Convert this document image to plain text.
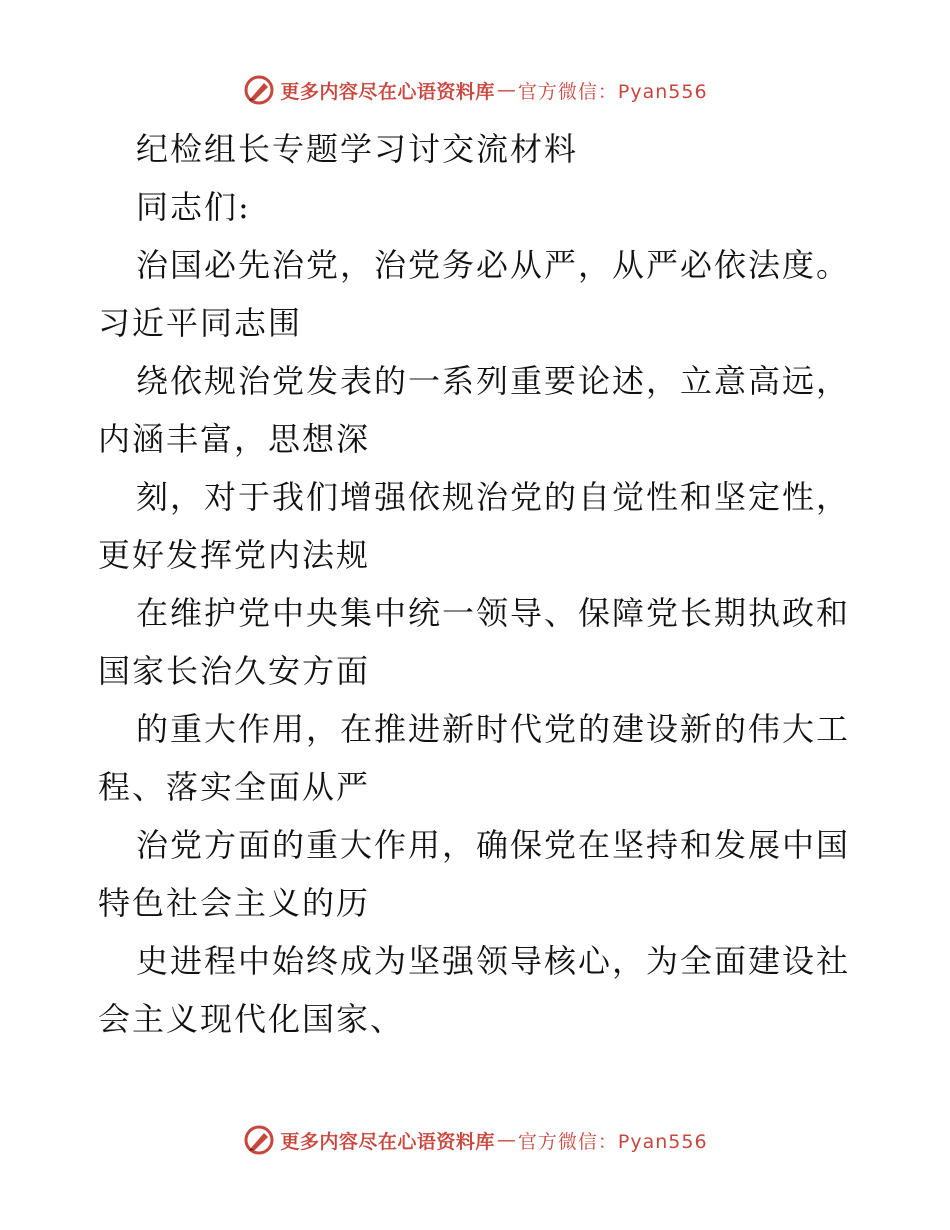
更多内容尽在心语资料库 — 官方微信：Pyan556
纪检组长专题学习讨交流材料
同志们:
治国必先治党，治党务必从严，从严必依法度。
习近平同志围
绕依规治党发表的一系列重要论述，立意高远，
内涵丰富，思想深
刻，对于我们增强依规治党的自觉性和坚定性，
更好发挥党内法规
在维护党中央集中统一领导、保障党长期执政和
国家长治久安方面
的重大作用，在推进新时代党的建设新的伟大工
程、落实全面从严
治党方面的重大作用，确保党在坚持和发展中国
特色社会主义的历
史进程中始终成为坚强领导核心，为全面建设社
会主义现代化国家、
更多内容尽在心语资料库 — 官方微信：Pyan556
